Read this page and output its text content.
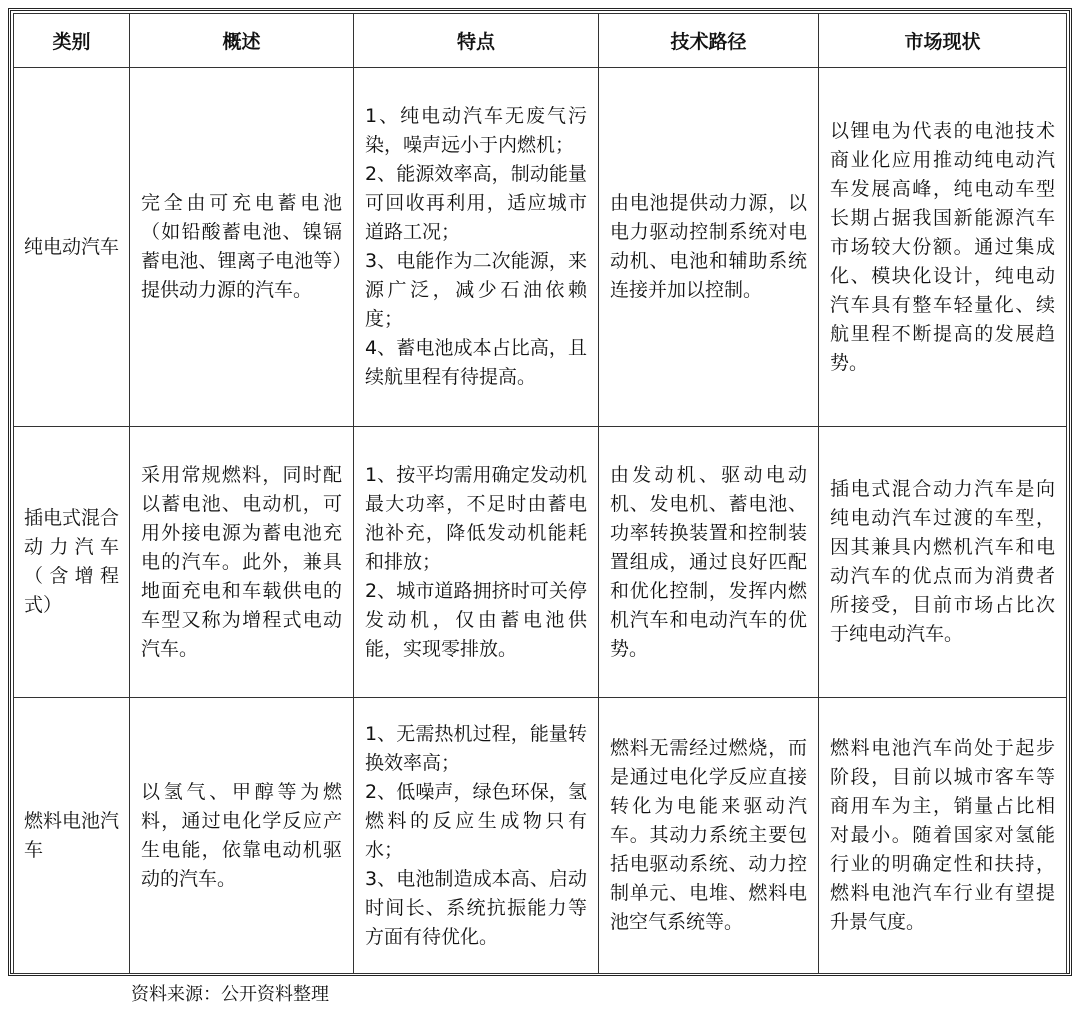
类别	概述	特点	技术路径	市场现状
纯电动汽车	完全由可充电蓄电池（如铅酸蓄电池、镍镉蓄电池、锂离子电池等）提供动力源的汽车。	1、纯电动汽车无废气污染，噪声远小于内燃机；
2、能源效率高，制动能量可回收再利用，适应城市道路工况；
3、电能作为二次能源，来源广泛，减少石油依赖度；
4、蓄电池成本占比高，且续航里程有待提高。	由电池提供动力源，以电力驱动控制系统对电动机、电池和辅助系统连接并加以控制。	以锂电为代表的电池技术商业化应用推动纯电动汽车发展高峰，纯电动车型长期占据我国新能源汽车市场较大份额。通过集成化、模块化设计，纯电动汽车具有整车轻量化、续航里程不断提高的发展趋势。
插电式混合动力汽车（含增程式）	采用常规燃料，同时配以蓄电池、电动机，可用外接电源为蓄电池充电的汽车。此外，兼具地面充电和车载供电的车型又称为增程式电动汽车。	1、按平均需用确定发动机最大功率，不足时由蓄电池补充，降低发动机能耗和排放；
2、城市道路拥挤时可关停发动机，仅由蓄电池供能，实现零排放。	由发动机、驱动电动机、发电机、蓄电池、功率转换装置和控制装置组成，通过良好匹配和优化控制，发挥内燃机汽车和电动汽车的优势。	插电式混合动力汽车是向纯电动汽车过渡的车型，因其兼具内燃机汽车和电动汽车的优点而为消费者所接受，目前市场占比次于纯电动汽车。
燃料电池汽车	以氢气、甲醇等为燃料，通过电化学反应产生电能，依靠电动机驱动的汽车。	1、无需热机过程，能量转换效率高；
2、低噪声，绿色环保，氢燃料的反应生成物只有水；
3、电池制造成本高、启动时间长、系统抗振能力等方面有待优化。	燃料无需经过燃烧，而是通过电化学反应直接转化为电能来驱动汽车。其动力系统主要包括电驱动系统、动力控制单元、电堆、燃料电池空气系统等。	燃料电池汽车尚处于起步阶段，目前以城市客车等商用车为主，销量占比相对最小。随着国家对氢能行业的明确定性和扶持，燃料电池汽车行业有望提升景气度。
资料来源：公开资料整理
